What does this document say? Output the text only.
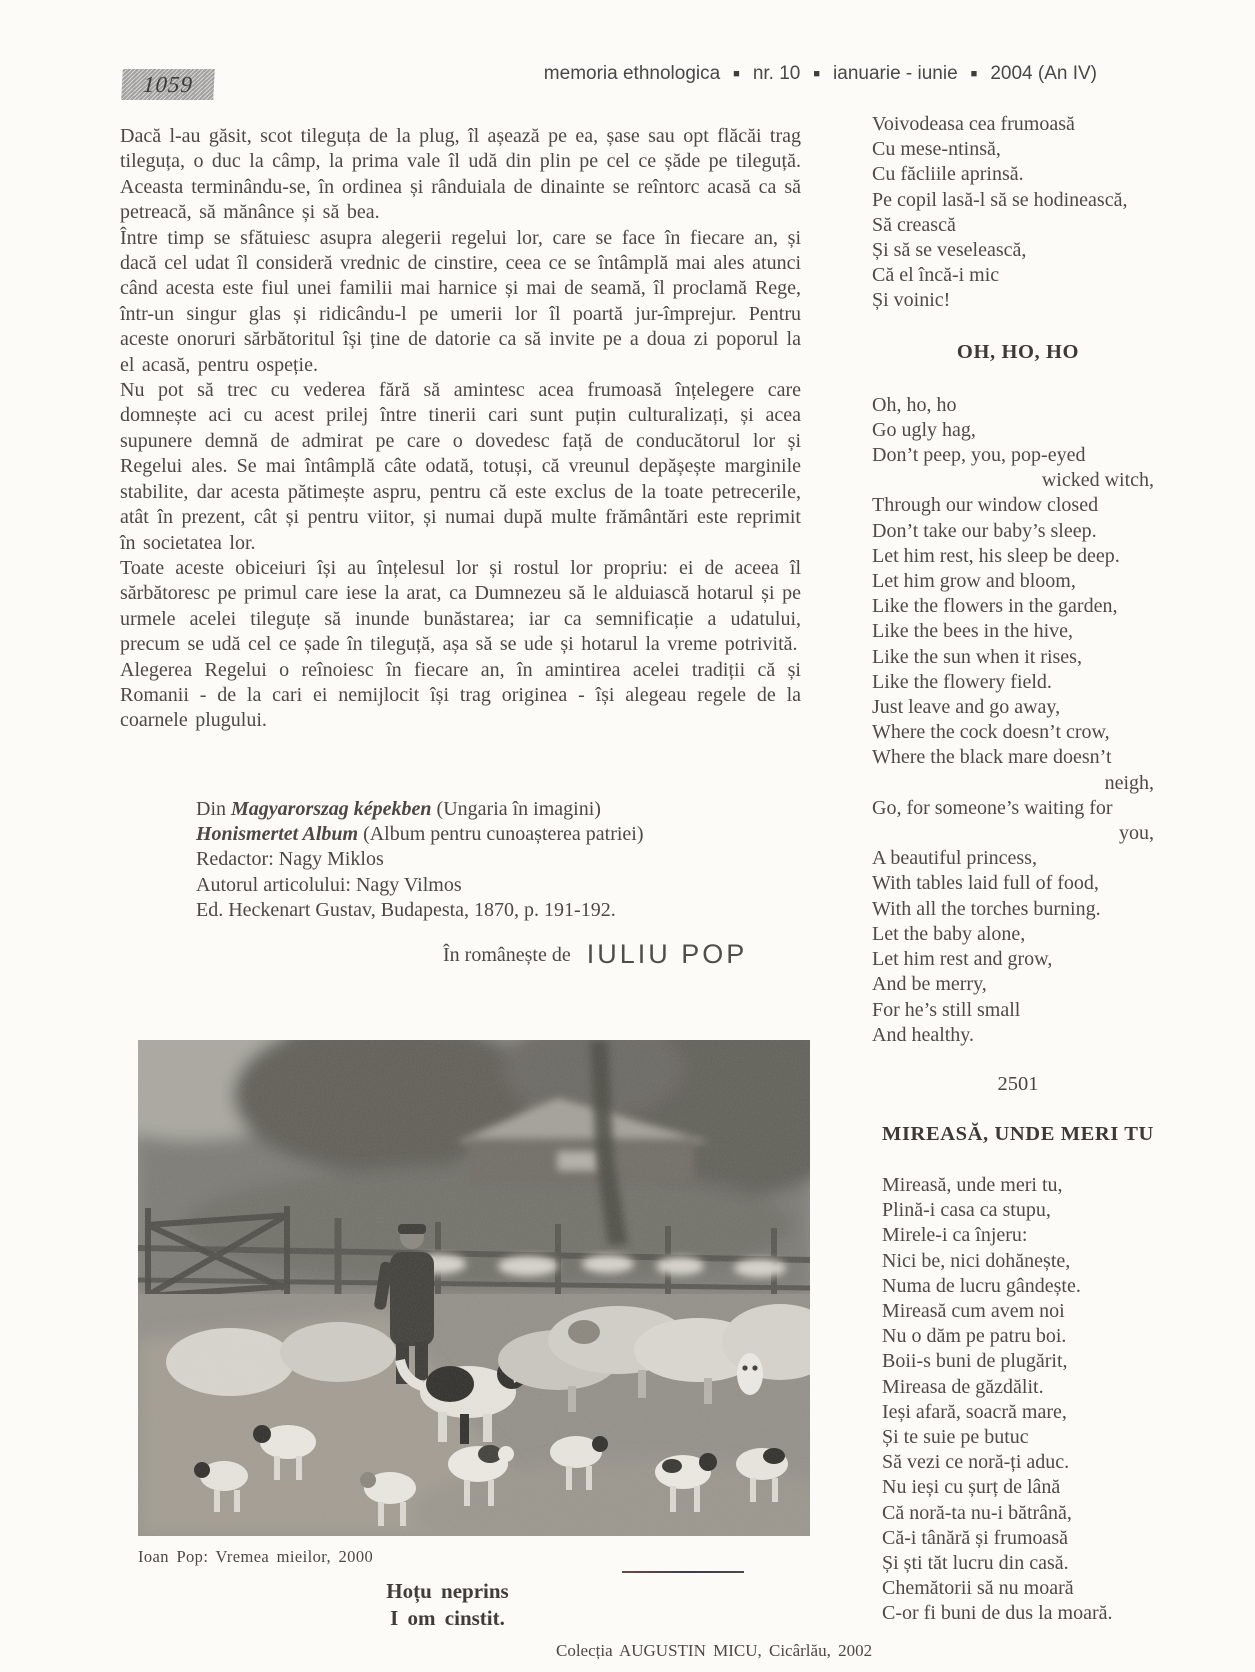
1059	memoria ethnologica ■ nr. 10 ■ ianuarie - iunie ■ 2004 (An IV)
Dacă l-au găsit, scot tileguța de la plug, îl așează pe ea, șase sau opt flăcăi trag tileguța, o duc la câmp, la prima vale îl udă din plin pe cel ce șăde pe tileguță. Aceasta terminându-se, în ordinea și rânduiala de dinainte se reîntorc acasă ca să petreacă, să mănânce și să bea.
Între timp se sfătuiesc asupra alegerii regelui lor, care se face în fiecare an, și dacă cel udat îl consideră vrednic de cinstire, ceea ce se întâmplă mai ales atunci când acesta este fiul unei familii mai harnice și mai de seamă, îl proclamă Rege, într-un singur glas și ridicându-l pe umerii lor îl poartă jur-împrejur. Pentru aceste onoruri sărbătoritul își ține de datorie ca să invite pe a doua zi poporul la el acasă, pentru ospeție.
Nu pot să trec cu vederea fără să amintesc acea frumoasă înțelegere care domnește aci cu acest prilej între tinerii cari sunt puțin culturalizați, și acea supunere demnă de admirat pe care o dovedesc față de conducătorul lor și Regelui ales. Se mai întâmplă câte odată, totuși, că vreunul depășește marginile stabilite, dar acesta pătimește aspru, pentru că este exclus de la toate petrecerile, atât în prezent, cât și pentru viitor, și numai după multe frământări este reprimit în societatea lor.
Toate aceste obiceiuri își au înțelesul lor și rostul lor propriu: ei de aceea îl sărbătoresc pe primul care iese la arat, ca Dumnezeu să le alduiască hotarul și pe urmele acelei tileguțe să inunde bunăstarea; iar ca semnificație a udatului, precum se udă cel ce șade în tileguță, așa să se ude și hotarul la vreme potrivită.
Alegerea Regelui o reînoiesc în fiecare an, în amintirea acelei tradiții că și Romanii - de la cari ei nemijlocit își trag originea - își alegeau regele de la coarnele plugului.
Din Magyarorszag képekben (Ungaria în imagini)
Honismertet Album (Album pentru cunoașterea patriei)
Redactor: Nagy Miklos
Autorul articolului: Nagy Vilmos
Ed. Heckenart Gustav, Budapesta, 1870, p. 191-192.
În românește de IULIU POP
Ioan Pop: Vremea mieilor, 2000
Hoțu neprins
I om cinstit.
Colecția AUGUSTIN MICU, Cicârlău, 2002
Voivodeasa cea frumoasă
Cu mese-ntinsă,
Cu făcliile aprinsă.
Pe copil lasă-l să se hodinească,
Să crească
Și să se veselească,
Că el încă-i mic
Și voinic!
OH, HO, HO
Oh, ho, ho
Go ugly hag,
Don’t peep, you, pop-eyed
wicked witch,
Through our window closed
Don’t take our baby’s sleep.
Let him rest, his sleep be deep.
Let him grow and bloom,
Like the flowers in the garden,
Like the bees in the hive,
Like the sun when it rises,
Like the flowery field.
Just leave and go away,
Where the cock doesn’t crow,
Where the black mare doesn’t
neigh,
Go, for someone’s waiting for
you,
A beautiful princess,
With tables laid full of food,
With all the torches burning.
Let the baby alone,
Let him rest and grow,
And be merry,
For he’s still small
And healthy.
2501
MIREASĂ, UNDE MERI TU
Mireasă, unde meri tu,
Plină-i casa ca stupu,
Mirele-i ca înjeru:
Nici be, nici dohănește,
Numa de lucru gândește.
Mireasă cum avem noi
Nu o dăm pe patru boi.
Boii-s buni de plugărit,
Mireasa de găzdălit.
Ieși afară, soacră mare,
Și te suie pe butuc
Să vezi ce noră-ți aduc.
Nu ieși cu șurț de lână
Că noră-ta nu-i bătrână,
Că-i tânără și frumoasă
Și ști tăt lucru din casă.
Chemătorii să nu moară
C-or fi buni de dus la moară.
